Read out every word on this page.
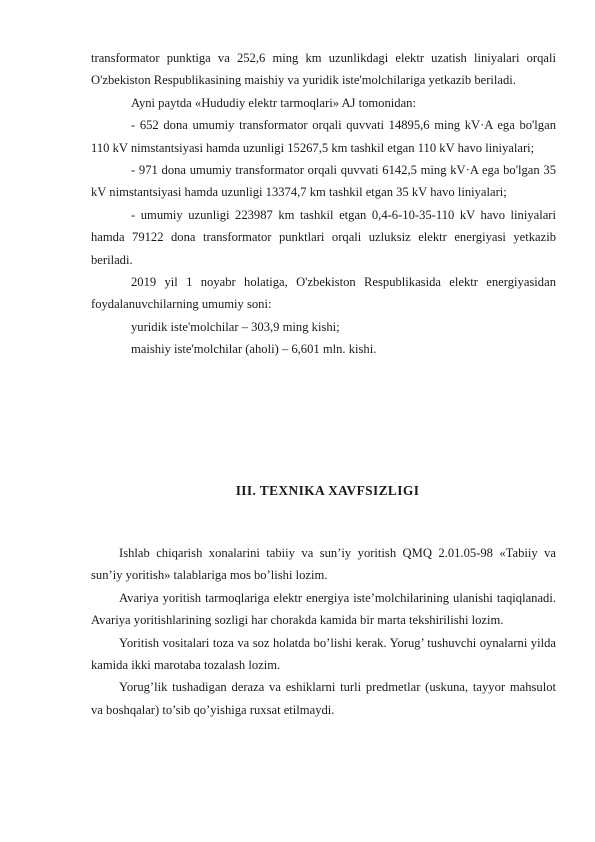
transformator punktiga va 252,6 ming km uzunlikdagi elektr uzatish liniyalari orqali O'zbekiston Respublikasining maishiy va yuridik iste'molchilariga yetkazib beriladi.

Ayni paytda «Hududiy elektr tarmoqlari» AJ tomonidan:

- 652 dona umumiy transformator orqali quvvati 14895,6 ming kV·A ega bo'lgan 110 kV nimstantsiyasi hamda uzunligi 15267,5 km tashkil etgan 110 kV havo liniyalari;

- 971 dona umumiy transformator orqali quvvati 6142,5 ming kV·A ega bo'lgan 35 kV nimstantsiyasi hamda uzunligi 13374,7 km tashkil etgan 35 kV havo liniyalari;

- umumiy uzunligi 223987 km tashkil etgan 0,4-6-10-35-110 kV havo liniyalari hamda 79122 dona transformator punktlari orqali uzluksiz elektr energiyasi yetkazib beriladi.

2019 yil 1 noyabr holatiga, O'zbekiston Respublikasida elektr energiyasidan foydalanuvchilarning umumiy soni:

yuridik iste'molchilar – 303,9 ming kishi;

maishiy iste'molchilar (aholi) – 6,601 mln. kishi.

III. TEXNIKA XAVFSIZLIGI

Ishlab chiqarish xonalarini tabiiy va sun’iy yoritish QMQ 2.01.05-98 «Tabiiy va sun’iy yoritish» talablariga mos bo’lishi lozim.

Avariya yoritish tarmoqlariga elektr energiya iste’molchilarining ulanishi taqiqlanadi. Avariya yoritishlarining sozligi har chorakda kamida bir marta tekshirilishi lozim.

Yoritish vositalari toza va soz holatda bo’lishi kerak. Yorug’ tushuvchi oynalarni yilda kamida ikki marotaba tozalash lozim.

Yorug’lik tushadigan deraza va eshiklarni turli predmetlar (uskuna, tayyor mahsulot va boshqalar) to’sib qo’yishiga ruxsat etilmaydi.
